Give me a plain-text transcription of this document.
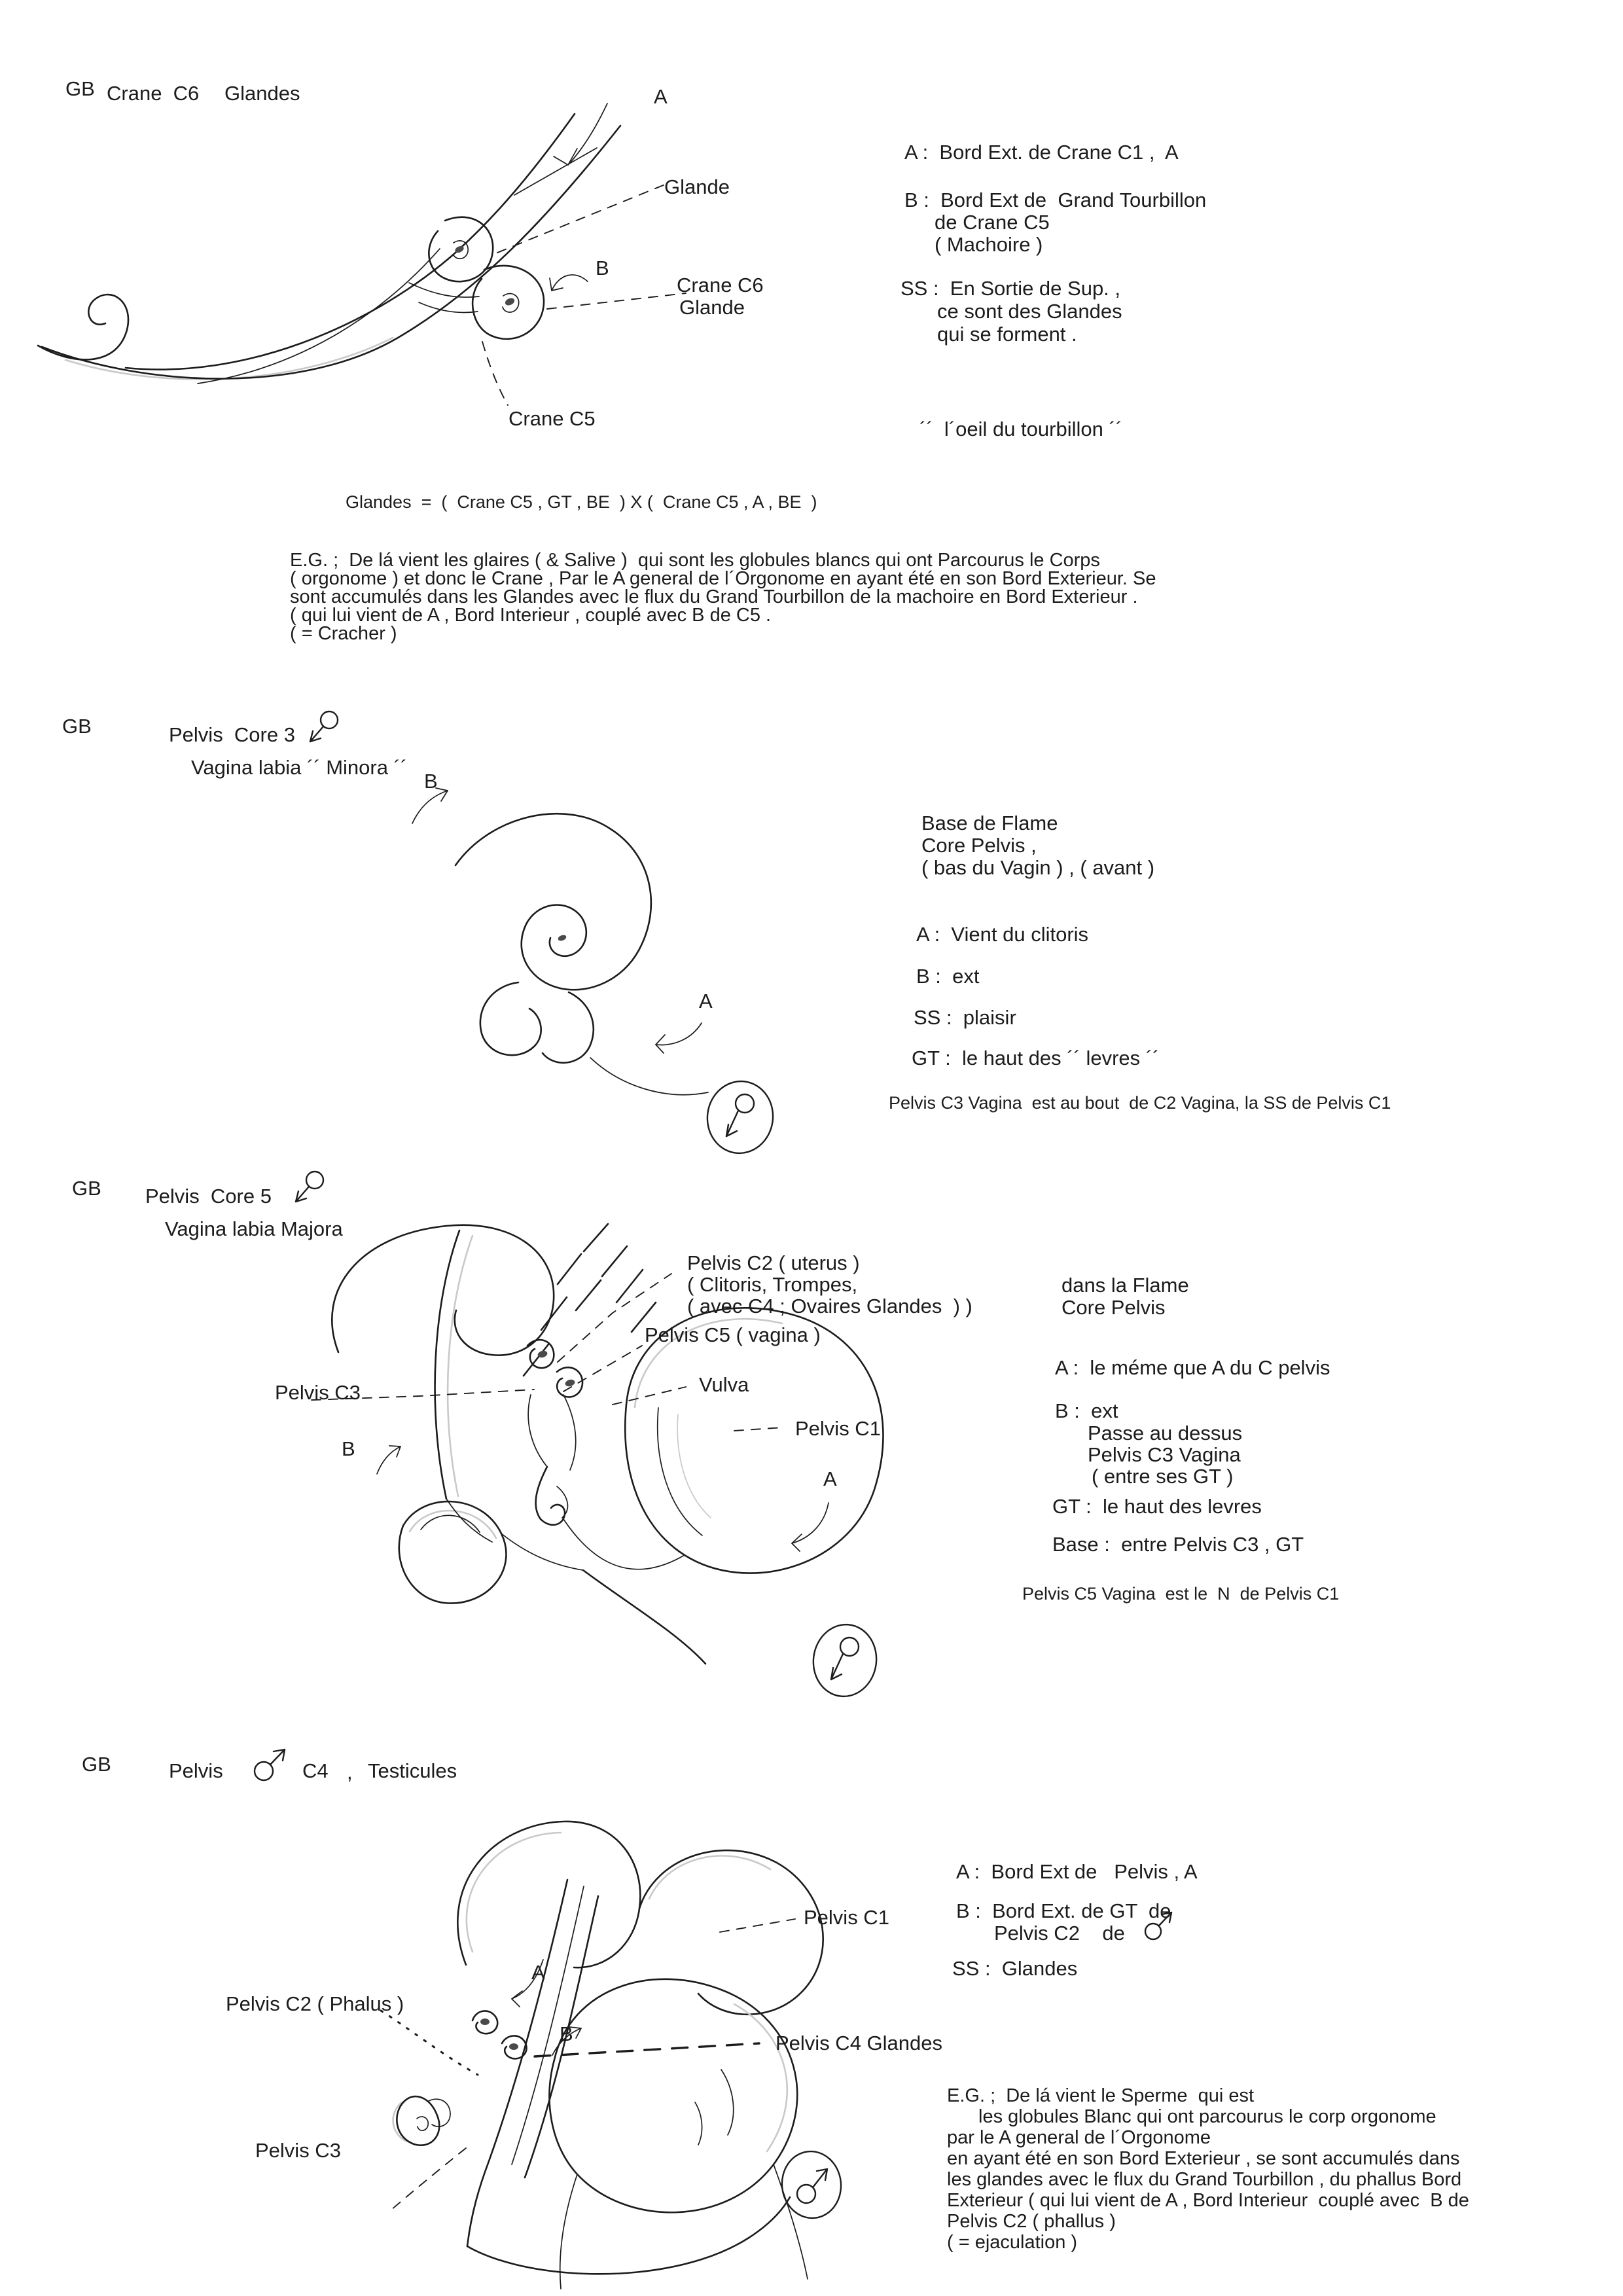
GB Crane  C6 Glandes	A
Glande
B
Crane C6
Glande
Crane C5
A :  Bord Ext. de Crane C1 ,  A
B :  Bord Ext de  Grand Tourbillon
de Crane C5
( Machoire )
SS :  En Sortie de Sup. ,
ce sont des Glandes
qui se forment .
´´  l´oeil du tourbillon ´´
Glandes  =  (  Crane C5 , GT , BE  ) X (  Crane C5 , A , BE  )
E.G. ;  De lá vient les glaires ( & Salive )  qui sont les globules blancs qui ont Parcourus le Corps
( orgonome ) et donc le Crane , Par le A general de l´Orgonome en ayant été en son Bord Exterieur. Se
sont accumulés dans les Glandes avec le flux du Grand Tourbillon de la machoire en Bord Exterieur .
( qui lui vient de A , Bord Interieur , couplé avec B de C5 .
( = Cracher )
GB	Pelvis  Core 3
Vagina labia ´´ Minora ´´
B
A
Base de Flame
Core Pelvis ,
( bas du Vagin ) , ( avant )
A :  Vient du clitoris
B :  ext
SS :  plaisir
GT :  le haut des ´´ levres ´´
Pelvis C3 Vagina  est au bout  de C2 Vagina, la SS de Pelvis C1
GB Pelvis  Core 5
Vagina labia Majora
Pelvis C2 ( uterus )
( Clitoris, Trompes,
( avec C4 ; Ovaires Glandes  ) )
Pelvis C5 ( vagina )
Pelvis C3	Vulva
Pelvis C1
B
A
dans la Flame
Core Pelvis
A :  le méme que A du C pelvis
B :  ext
Passe au dessus
Pelvis C3 Vagina
( entre ses GT )
GT :  le haut des levres
Base :  entre Pelvis C3 , GT
Pelvis C5 Vagina  est le  N  de Pelvis C1
GB	Pelvis	C4 , Testicules
Pelvis C1
Pelvis C2 ( Phalus )
A
B	Pelvis C4 Glandes
Pelvis C3
A :  Bord Ext de   Pelvis , A
B :  Bord Ext. de GT  de
Pelvis C2    de
SS :  Glandes
E.G. ;  De lá vient le Sperme  qui est
les globules Blanc qui ont parcourus le corp orgonome
par le A general de l´Orgonome
en ayant été en son Bord Exterieur , se sont accumulés dans
les glandes avec le flux du Grand Tourbillon , du phallus Bord
Exterieur ( qui lui vient de A , Bord Interieur  couplé avec  B de
Pelvis C2 ( phallus )
( = ejaculation )
